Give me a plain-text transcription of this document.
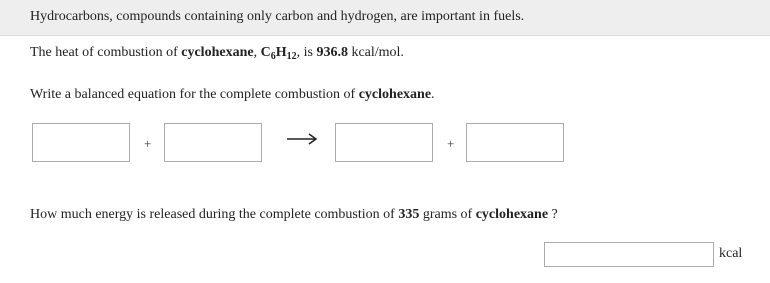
Hydrocarbons, compounds containing only carbon and hydrogen, are important in fuels.
The heat of combustion of cyclohexane, $C_6H_{12}$, is 936.8 kcal/mol.
Write a balanced equation for the complete combustion of cyclohexane.
+	+
How much energy is released during the complete combustion of 335 grams of cyclohexane ?
kcal
